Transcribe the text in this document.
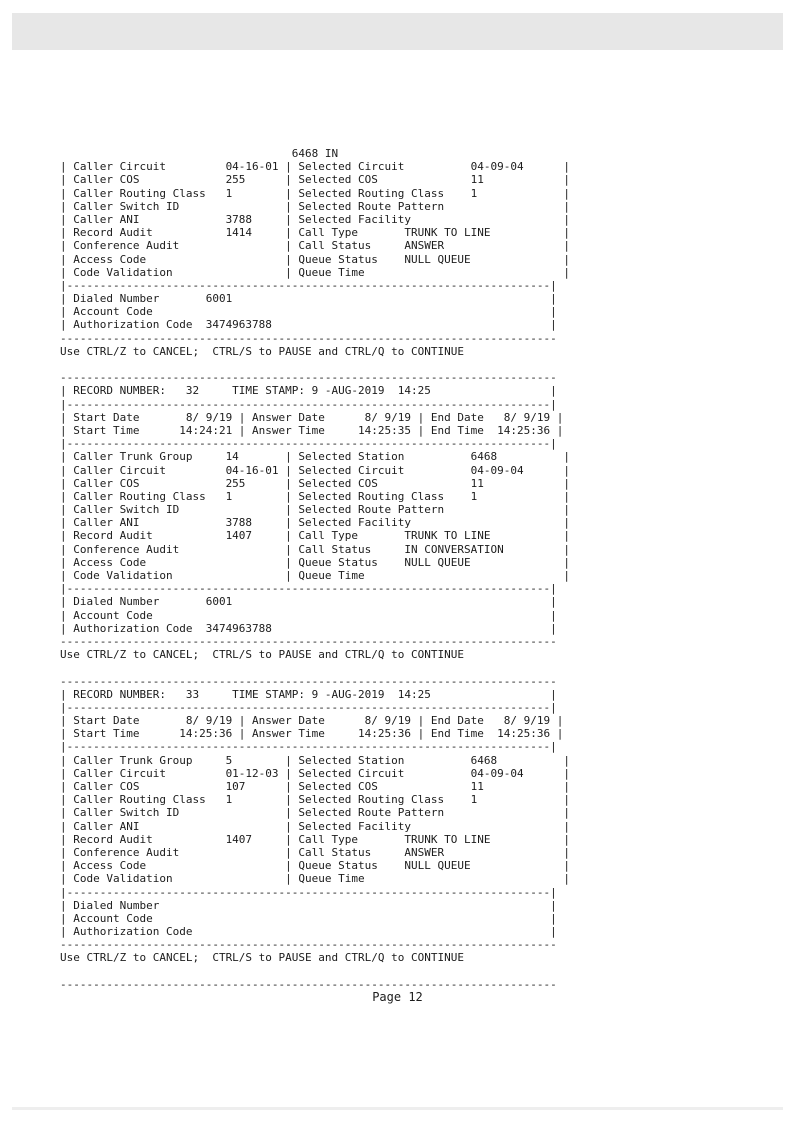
6468 IN
| Caller Circuit         04-16-01 | Selected Circuit          04-09-04      |
| Caller COS             255      | Selected COS              11            |
| Caller Routing Class   1        | Selected Routing Class    1             |
| Caller Switch ID                | Selected Route Pattern                  |
| Caller ANI             3788     | Selected Facility                       |
| Record Audit           1414     | Call Type       TRUNK TO LINE           |
| Conference Audit                | Call Status     ANSWER                  |
| Access Code                     | Queue Status    NULL QUEUE              |
| Code Validation                 | Queue Time                              |
|-------------------------------------------------------------------------|
| Dialed Number       6001                                                |
| Account Code                                                            |
| Authorization Code  3474963788                                          |
---------------------------------------------------------------------------
Use CTRL/Z to CANCEL;  CTRL/S to PAUSE and CTRL/Q to CONTINUE
---------------------------------------------------------------------------
| RECORD NUMBER:   32     TIME STAMP: 9 -AUG-2019  14:25                  |
|-------------------------------------------------------------------------|
| Start Date       8/ 9/19 | Answer Date      8/ 9/19 | End Date   8/ 9/19 |
| Start Time      14:24:21 | Answer Time     14:25:35 | End Time  14:25:36 |
|-------------------------------------------------------------------------|
| Caller Trunk Group     14       | Selected Station          6468          |
| Caller Circuit         04-16-01 | Selected Circuit          04-09-04      |
| Caller COS             255      | Selected COS              11            |
| Caller Routing Class   1        | Selected Routing Class    1             |
| Caller Switch ID                | Selected Route Pattern                  |
| Caller ANI             3788     | Selected Facility                       |
| Record Audit           1407     | Call Type       TRUNK TO LINE           |
| Conference Audit                | Call Status     IN CONVERSATION         |
| Access Code                     | Queue Status    NULL QUEUE              |
| Code Validation                 | Queue Time                              |
|-------------------------------------------------------------------------|
| Dialed Number       6001                                                |
| Account Code                                                            |
| Authorization Code  3474963788                                          |
---------------------------------------------------------------------------
Use CTRL/Z to CANCEL;  CTRL/S to PAUSE and CTRL/Q to CONTINUE
---------------------------------------------------------------------------
| RECORD NUMBER:   33     TIME STAMP: 9 -AUG-2019  14:25                  |
|-------------------------------------------------------------------------|
| Start Date       8/ 9/19 | Answer Date      8/ 9/19 | End Date   8/ 9/19 |
| Start Time      14:25:36 | Answer Time     14:25:36 | End Time  14:25:36 |
|-------------------------------------------------------------------------|
| Caller Trunk Group     5        | Selected Station          6468          |
| Caller Circuit         01-12-03 | Selected Circuit          04-09-04      |
| Caller COS             107      | Selected COS              11            |
| Caller Routing Class   1        | Selected Routing Class    1             |
| Caller Switch ID                | Selected Route Pattern                  |
| Caller ANI                      | Selected Facility                       |
| Record Audit           1407     | Call Type       TRUNK TO LINE           |
| Conference Audit                | Call Status     ANSWER                  |
| Access Code                     | Queue Status    NULL QUEUE              |
| Code Validation                 | Queue Time                              |
|-------------------------------------------------------------------------|
| Dialed Number                                                           |
| Account Code                                                            |
| Authorization Code                                                      |
---------------------------------------------------------------------------
Use CTRL/Z to CANCEL;  CTRL/S to PAUSE and CTRL/Q to CONTINUE
---------------------------------------------------------------------------
Page 12
